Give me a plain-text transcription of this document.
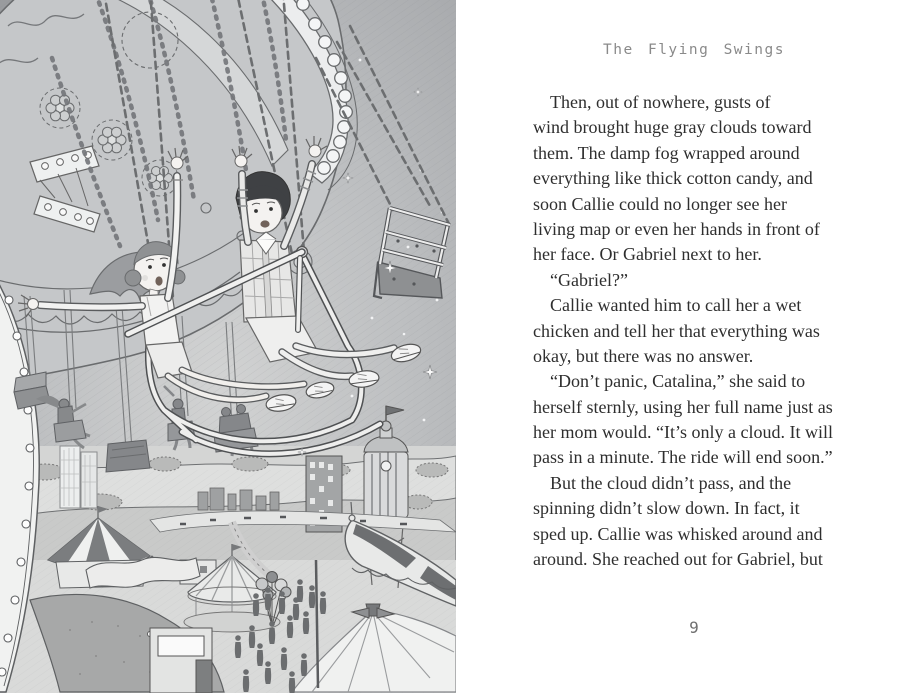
The Flying Swings
Then, out of nowhere, gusts of
wind brought huge gray clouds toward
them. The damp fog wrapped around
everything like thick cotton candy, and
soon Callie could no longer see her
living map or even her hands in front of
her face. Or Gabriel next to her.
“Gabriel?”
Callie wanted him to call her a wet
chicken and tell her that everything was
okay, but there was no answer.
“Don’t panic, Catalina,” she said to
herself sternly, using her full name just as
her mom would. “It’s only a cloud. It will
pass in a minute. The ride will end soon.”
But the cloud didn’t pass, and the
spinning didn’t slow down. In fact, it
sped up. Callie was whisked around and
around. She reached out for Gabriel, but
9
